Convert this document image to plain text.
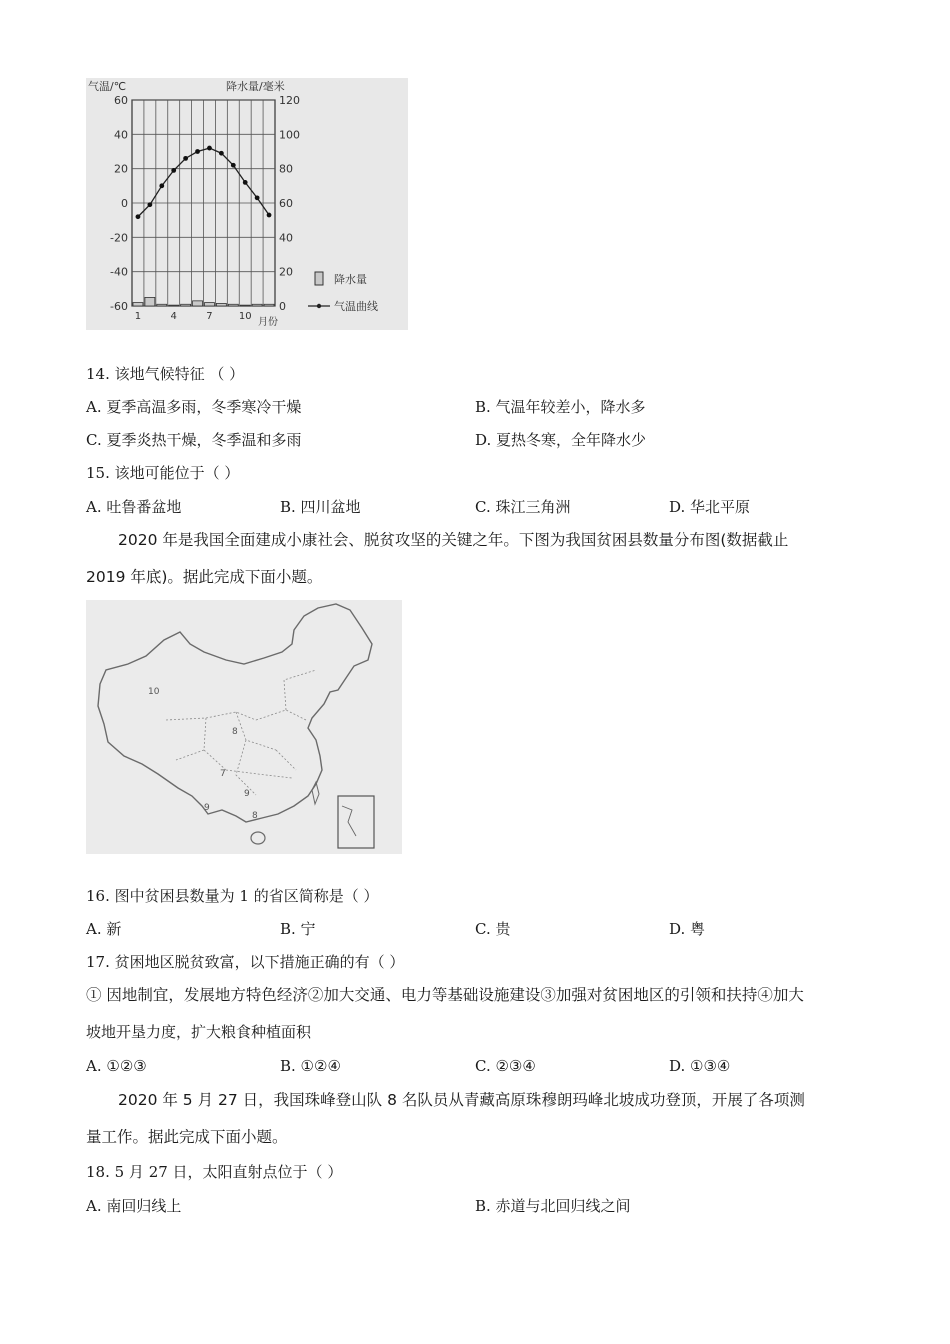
60
40
20
0
-20
-40
-60
120
100
80
60
40
20
0
1	4	7	10
气温/℃	降水量/毫米
降水量
气温曲线
月份
14. 该地气候特征 （ ）
A. 夏季高温多雨，冬季寒冷干燥	B. 气温年较差小，降水多
C. 夏季炎热干燥，冬季温和多雨	D. 夏热冬寒，全年降水少
15. 该地可能位于（ ）
A. 吐鲁番盆地	B. 四川盆地	C. 珠江三角洲	D. 华北平原
2020 年是我国全面建成小康社会、脱贫攻坚的关键之年。下图为我国贫困县数量分布图(数据截止
2019 年底)。据此完成下面小题。
10
8
7
9
9
8
16. 图中贫困县数量为 1 的省区简称是（ ）
A. 新	B. 宁	C. 贵	D. 粤
17. 贫困地区脱贫致富，以下措施正确的有（ ）
① 因地制宜，发展地方特色经济②加大交通、电力等基础设施建设③加强对贫困地区的引领和扶持④加大
坡地开垦力度，扩大粮食种植面积
A. ①②③	B. ①②④	C. ②③④	D. ①③④
2020 年 5 月 27 日，我国珠峰登山队 8 名队员从青藏高原珠穆朗玛峰北坡成功登顶，开展了各项测
量工作。据此完成下面小题。
18. 5 月 27 日，太阳直射点位于（ ）
A. 南回归线上	B. 赤道与北回归线之间
